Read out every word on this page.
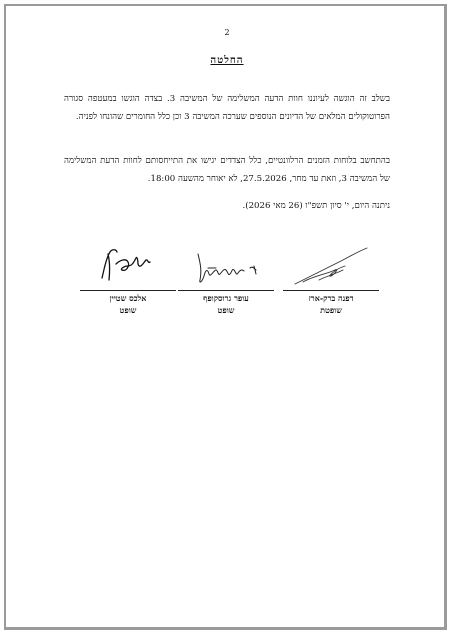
2
החלטה
בשלב זה הוגשה לעיוננו חוות הדעה המשלימה של המשיבה 3. בצדה הוגשו במעטפה סגורה הפרוטוקולים המלאים של הדיונים הנוספים שערכה המשיבה 3 וכן כלל החומרים שהונחו לפניה.
בהתחשב בלוחות הזמנים הרלוונטיים, כלל הצדדים יגישו את התייחסותם לחוות הדעת המשלימה של המשיבה 3, וזאת עד מחר, 27.5.2026, לא יאוחר מהשעה 18:00.
ניתנה היום, י' סיון תשפ"ו (26 מאי 2026).
אלכס שטיין
שופט
עופר גרוסקופף
שופט
דפנה ברק-ארז
שופטת
